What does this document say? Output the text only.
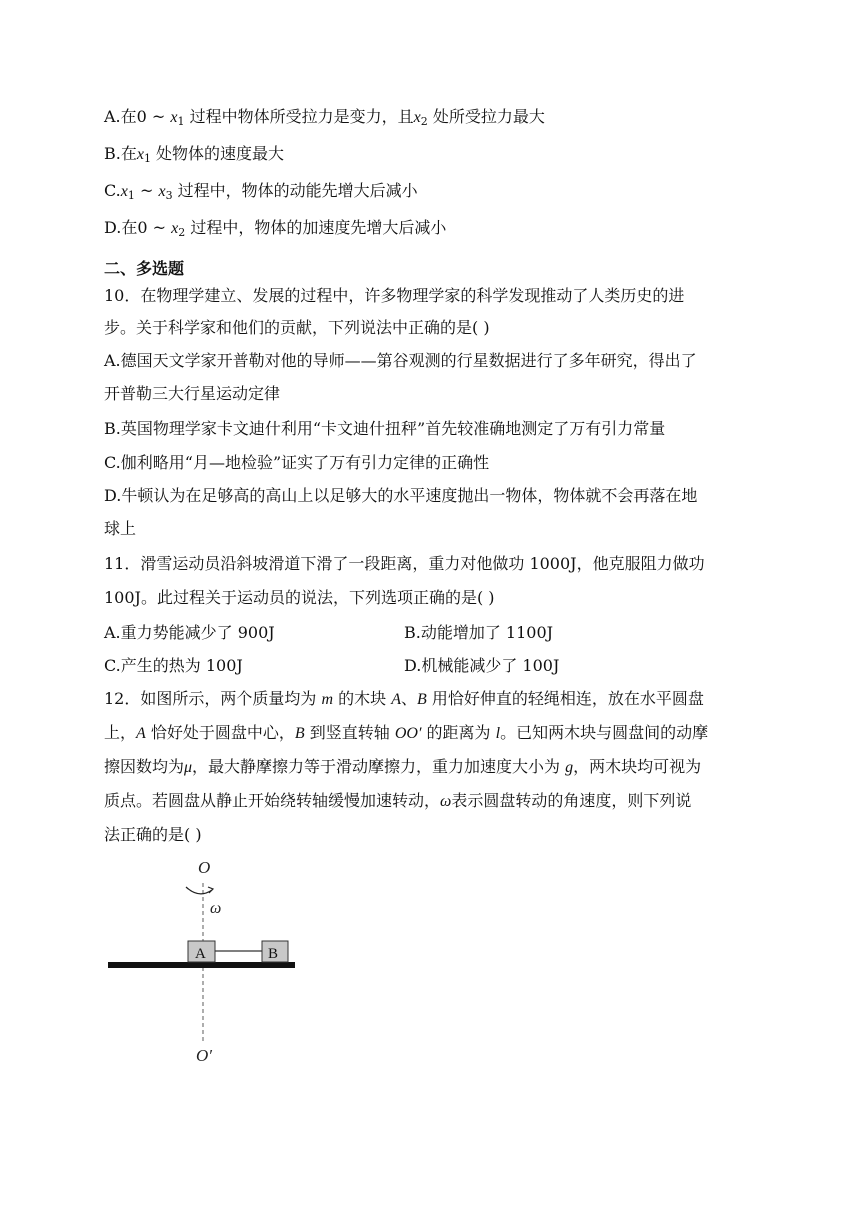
A.在0 ~ $x_1$ 过程中物体所受拉力是变力，且$x_2$ 处所受拉力最大
B.在$x_1$ 处物体的速度最大
$C.x_1$ ~ $x_3$ 过程中，物体的动能先增大后减小
D.在0 ~ $x_2$ 过程中，物体的加速度先增大后减小
二、多选题
10．在物理学建立、发展的过程中，许多物理学家的科学发现推动了人类历史的进
步。关于科学家和他们的贡献，下列说法中正确的是( )
A.德国天文学家开普勒对他的导师——第谷观测的行星数据进行了多年研究，得出了
开普勒三大行星运动定律
B.英国物理学家卡文迪什利用“卡文迪什扭秤”首先较准确地测定了万有引力常量
C.伽利略用“月—地检验”证实了万有引力定律的正确性
D.牛顿认为在足够高的高山上以足够大的水平速度抛出一物体，物体就不会再落在地
球上
11．滑雪运动员沿斜坡滑道下滑了一段距离，重力对他做功 1000J，他克服阻力做功
100J。此过程关于运动员的说法，下列选项正确的是( )
A.重力势能减少了 900J	B.动能增加了 1100J
C.产生的热为 100J	D.机械能减少了 100J
12．如图所示，两个质量均为 m 的木块 A、B 用恰好伸直的轻绳相连，放在水平圆盘
上，A 恰好处于圆盘中心，B 到竖直转轴 OO′ 的距离为 l。已知两木块与圆盘间的动摩
擦因数均为μ，最大静摩擦力等于滑动摩擦力，重力加速度大小为 g，两木块均可视为
质点。若圆盘从静止开始绕转轴缓慢加速转动，ω表示圆盘转动的角速度，则下列说
法正确的是( )
O
ω
A	B
O′
